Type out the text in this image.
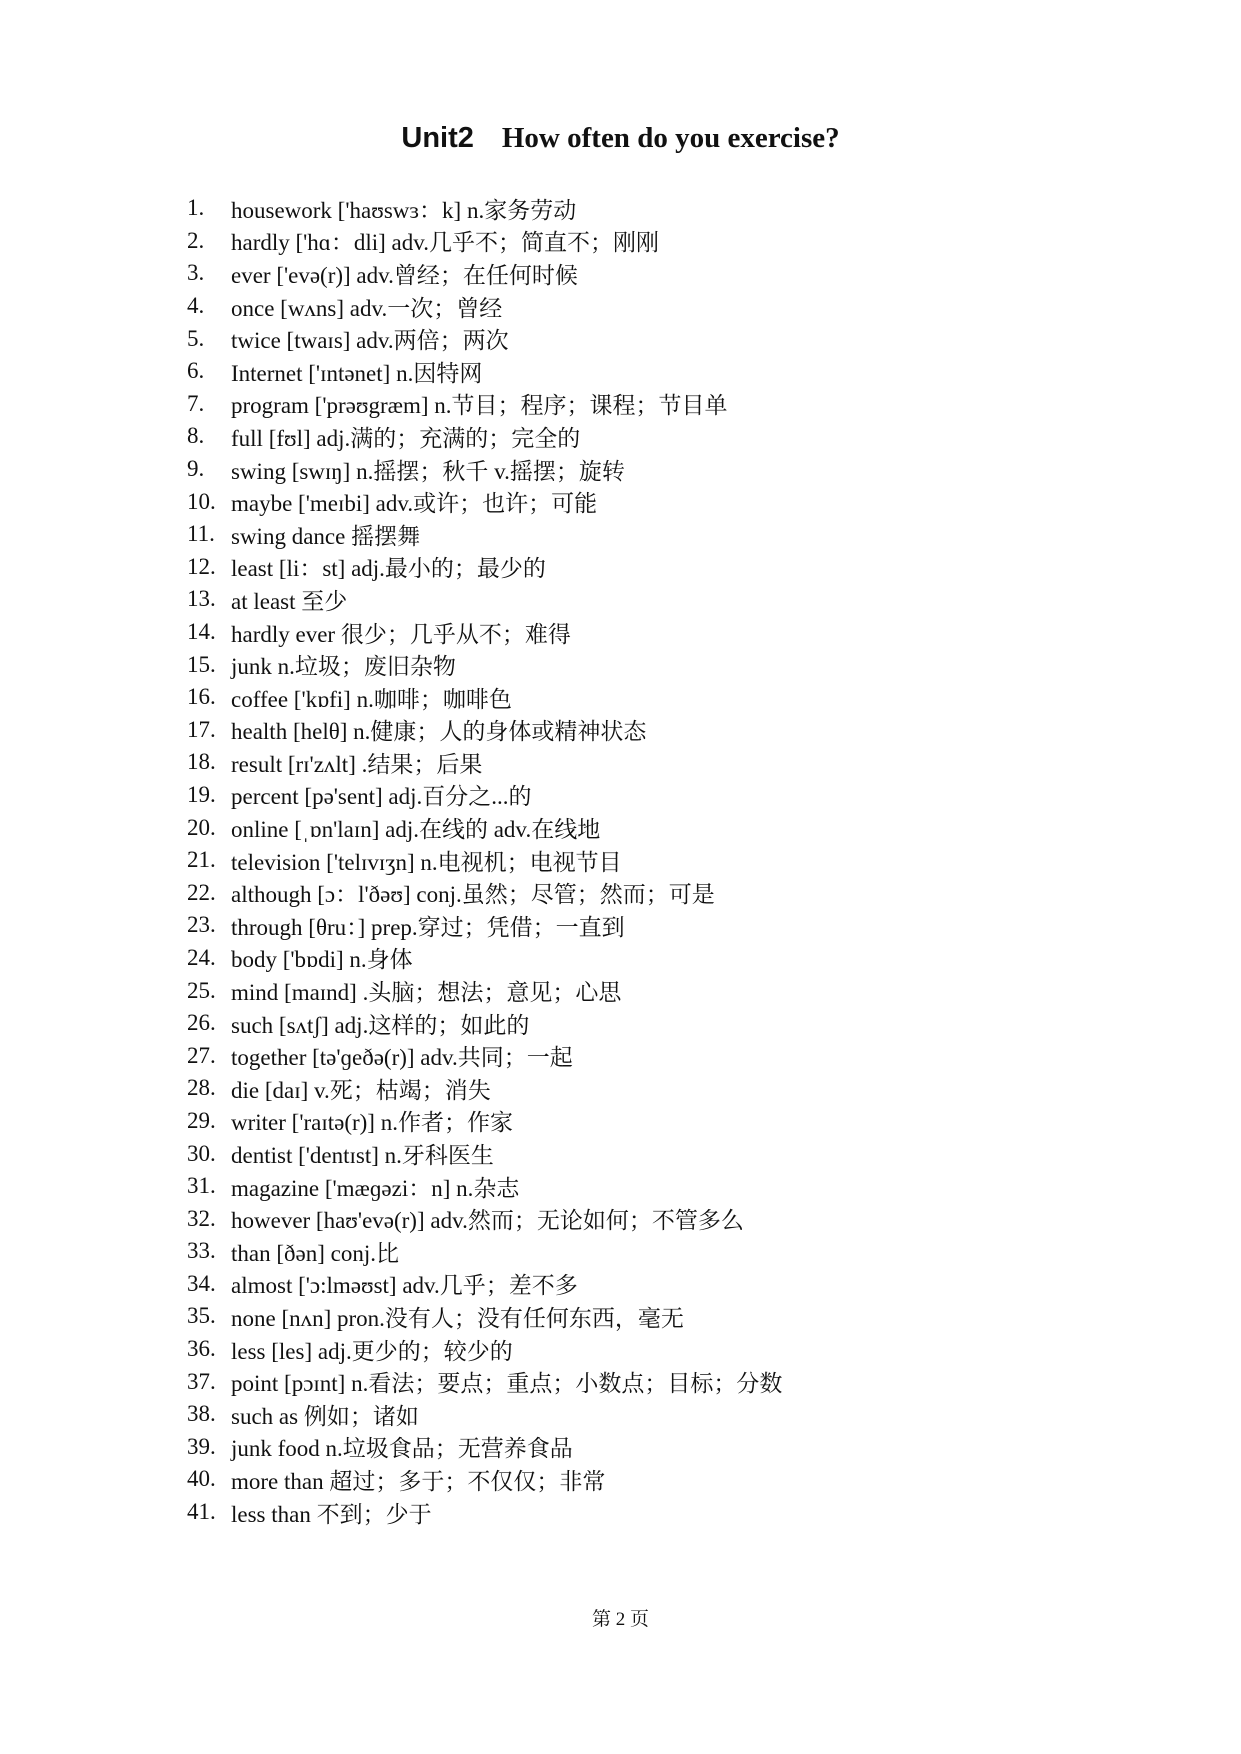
Unit2 How often do you exercise?
1.	housework ['haʊswɜ：k] n.家务劳动
2.	hardly ['hɑ：dli] adv.几乎不；简直不；刚刚
3.	ever ['evə(r)] adv.曾经；在任何时候
4.	once [wʌns] adv.一次；曾经
5.	twice [twaɪs] adv.两倍；两次
6.	Internet ['ɪntənet] n.因特网
7.	program ['prəʊgræm] n.节目；程序；课程；节目单
8.	full [fʊl] adj.满的；充满的；完全的
9.	swing [swɪŋ] n.摇摆；秋千 v.摇摆；旋转
10. maybe ['meɪbi] adv.或许；也许；可能
11. swing dance 摇摆舞
12. least [li：st] adj.最小的；最少的
13. at least 至少
14. hardly ever 很少；几乎从不；难得
15. junk n.垃圾；废旧杂物
16. coffee ['kɒfi] n.咖啡；咖啡色
17. health [helθ] n.健康；人的身体或精神状态
18. result [rɪ'zʌlt] .结果；后果
19. percent [pə'sent] adj.百分之...的
20. online [ˌɒn'laɪn] adj.在线的 adv.在线地
21. television ['telɪvɪʒn] n.电视机；电视节目
22. although [ɔ：l'ðəʊ] conj.虽然；尽管；然而；可是
23. through [θru：] prep.穿过；凭借；一直到
24. body ['bɒdi] n.身体
25. mind [maɪnd] .头脑；想法；意见；心思
26. such [sʌtʃ] adj.这样的；如此的
27. together [tə'ɡeðə(r)] adv.共同；一起
28. die [daɪ] v.死；枯竭；消失
29. writer ['raɪtə(r)] n.作者；作家
30. dentist ['dentɪst] n.牙科医生
31. magazine ['mæɡəzi：n] n.杂志
32. however [haʊ'evə(r)] adv.然而；无论如何；不管多么
33. than [ðən] conj.比
34. almost ['ɔ:lməʊst] adv.几乎；差不多
35. none [nʌn] pron.没有人；没有任何东西，毫无
36. less [les] adj.更少的；较少的
37. point [pɔɪnt] n.看法；要点；重点；小数点；目标；分数
38. such as 例如；诸如
39. junk food n.垃圾食品；无营养食品
40. more than 超过；多于；不仅仅；非常
41. less than 不到；少于
第 2 页
